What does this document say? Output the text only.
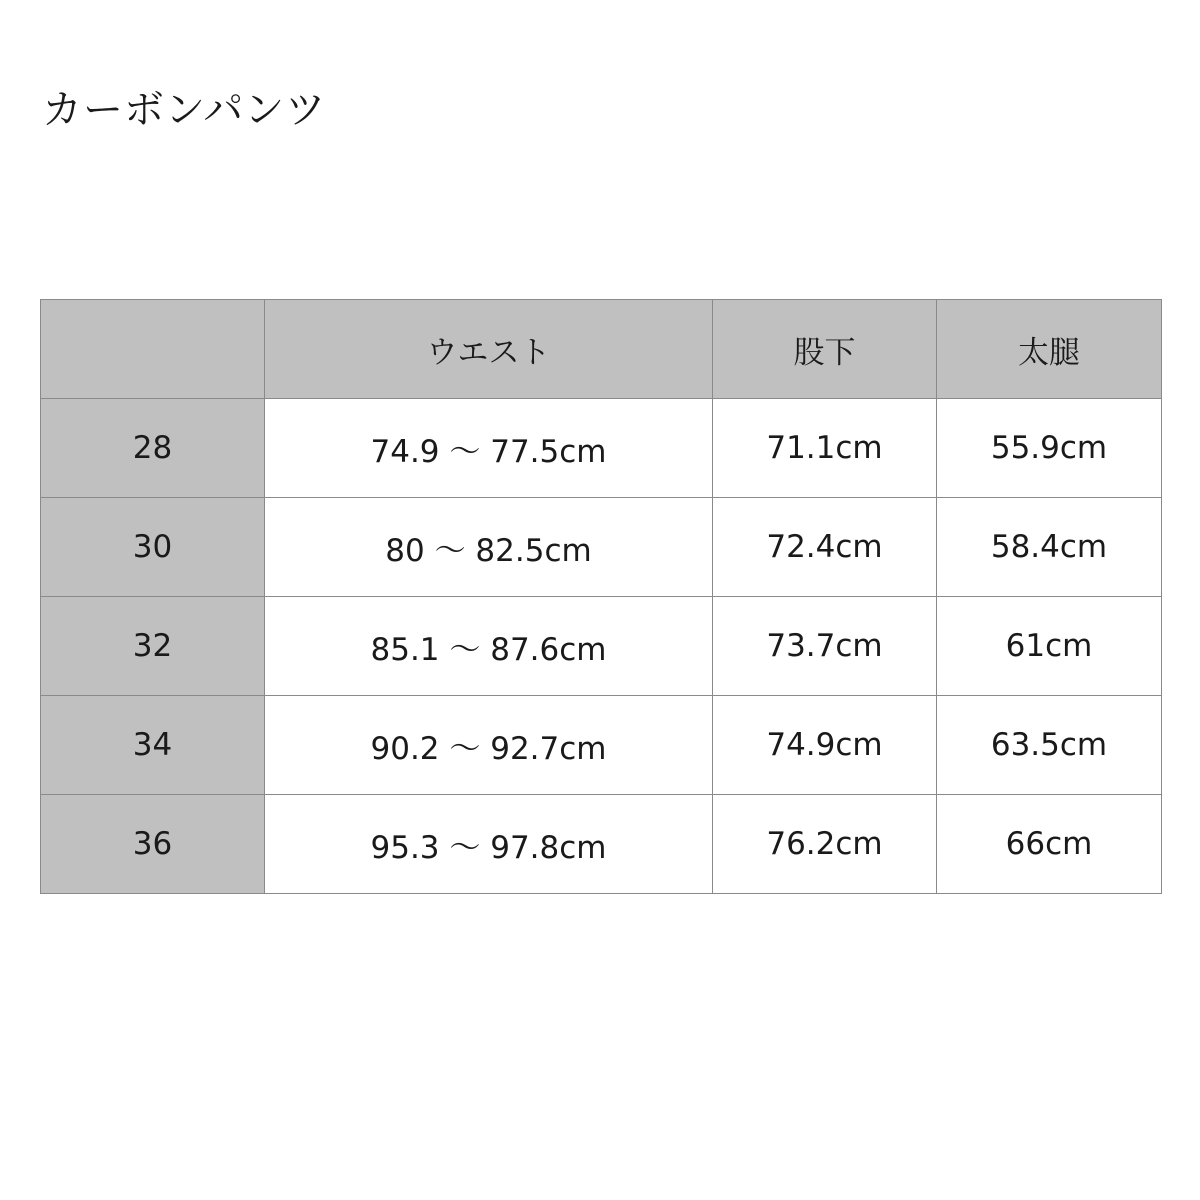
カーボンパンツ
	ウエスト	股下	太腿
28	74.9 〜 77.5cm	71.1cm	55.9cm
30	80 〜 82.5cm	72.4cm	58.4cm
32	85.1 〜 87.6cm	73.7cm	61cm
34	90.2 〜 92.7cm	74.9cm	63.5cm
36	95.3 〜 97.8cm	76.2cm	66cm
